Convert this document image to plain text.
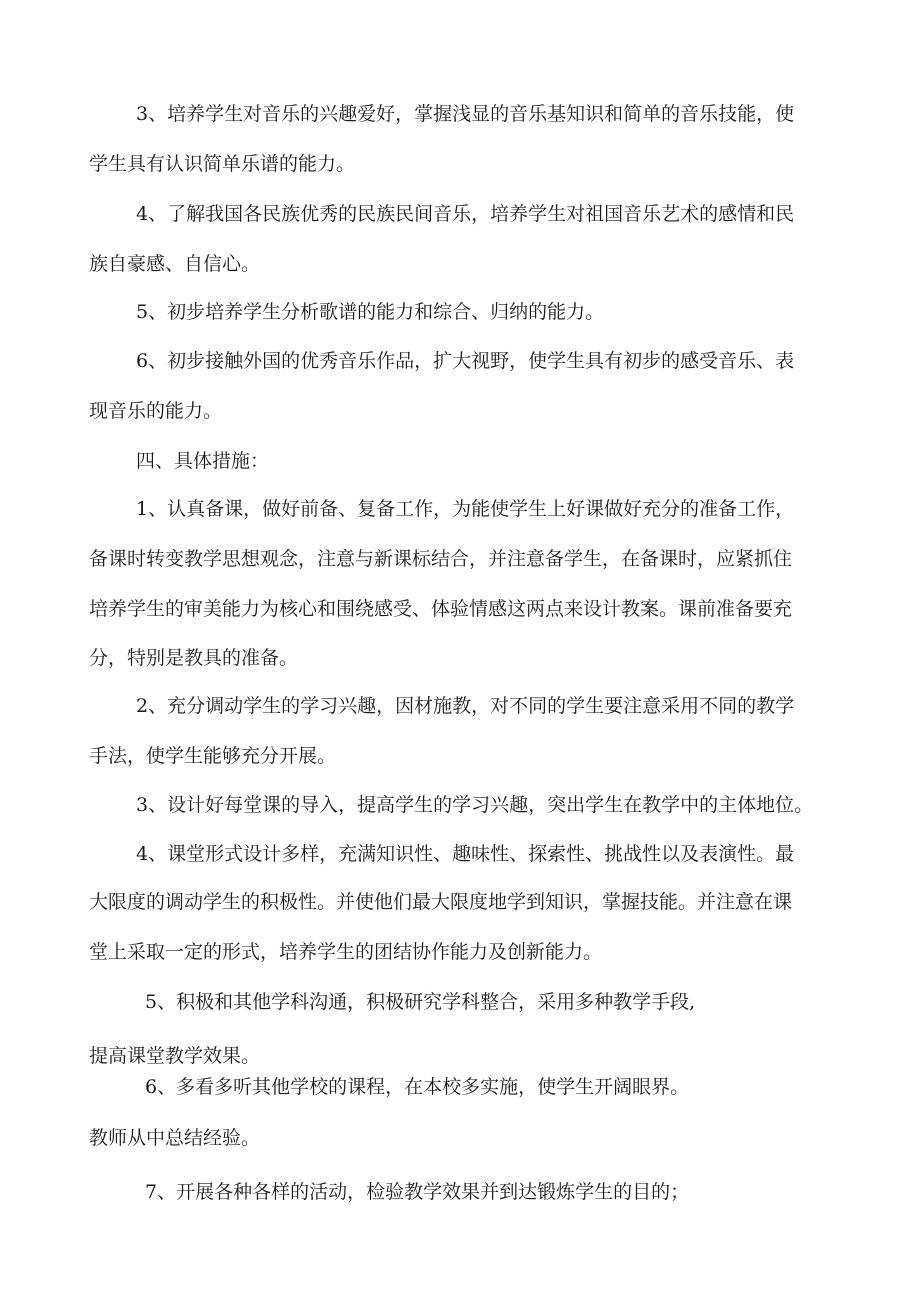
3、培养学生对音乐的兴趣爱好，掌握浅显的音乐基知识和简单的音乐技能，使

学生具有认识简单乐谱的能力。

4、了解我国各民族优秀的民族民间音乐，培养学生对祖国音乐艺术的感情和民

族自豪感、自信心。

5、初步培养学生分析歌谱的能力和综合、归纳的能力。

6、初步接触外国的优秀音乐作品，扩大视野，使学生具有初步的感受音乐、表

现音乐的能力。

四、具体措施：

1、认真备课，做好前备、复备工作，为能使学生上好课做好充分的准备工作，

备课时转变教学思想观念，注意与新课标结合，并注意备学生，在备课时，应紧抓住

培养学生的审美能力为核心和围绕感受、体验情感这两点来设计教案。课前准备要充

分，特别是教具的准备。

2、充分调动学生的学习兴趣，因材施教，对不同的学生要注意采用不同的教学

手法，使学生能够充分开展。

3、设计好每堂课的导入，提高学生的学习兴趣，突出学生在教学中的主体地位。

4、课堂形式设计多样，充满知识性、趣味性、探索性、挑战性以及表演性。最

大限度的调动学生的积极性。并使他们最大限度地学到知识，掌握技能。并注意在课

堂上采取一定的形式，培养学生的团结协作能力及创新能力。

5、积极和其他学科沟通，积极研究学科整合，采用多种教学手段,

提高课堂教学效果。

6、多看多听其他学校的课程，在本校多实施，使学生开阔眼界。

教师从中总结经验。

7、开展各种各样的活动，检验教学效果并到达锻炼学生的目的；
